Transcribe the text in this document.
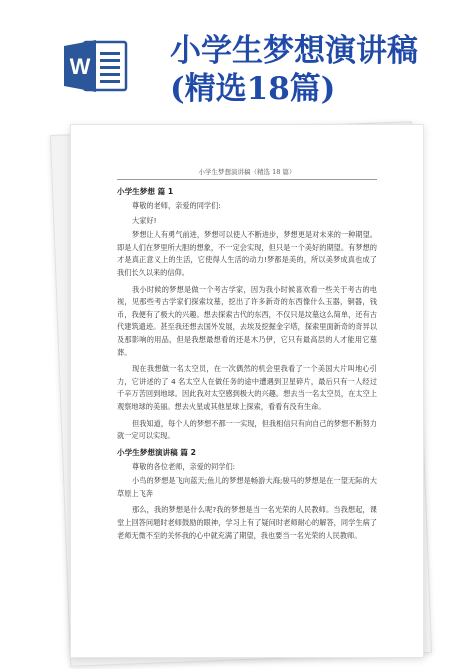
W	小学生梦想演讲稿
(精选18篇)
小学生梦想演讲稿（精选 18 篇）
小学生梦想 篇 1
尊敬的老师，亲爱的同学们:
大家好!
梦想让人有勇气前进，梦想可以使人不断进步，梦想更是对未来的一种期望。即是人们在梦里所大胆的想象，不一定会实现，但只是一个美好的期望。有梦想的才是真正意义上的生活，它使得人生活的动力!梦都是美的，所以美梦成真也成了我们长久以来的信仰。
我小时候的梦想是做一个考古学家，因为我小时候喜欢看一些关于考古的电视，见那些考古学家们探索坟墓，挖出了许多新奇的东西像什么玉器，铜器，钱币，我便有了极大的兴趣。想去探索古代的东西，不仅只是坟墓这么简单，还有古代建筑遗迹。甚至我还想去国外发展，去埃及挖掘金字塔，探索里面新奇的奇异以及那影响的用品，但是我想最想看的还是木乃伊，它只有最高层的人才能用它墓葬。
现在我想做一名太空员，在一次偶然的机会里我看了一个美国大片叫地心引力，它讲述的了 4 名太空人在做任务的途中遭遇到卫星碎片，最后只有一人经过千辛万苦回到地球。因此我对太空感到极大的兴趣。想去当一名太空员，在太空上观察地球的美丽。想去火星或其他星球上探索，看看有没有生命。
但我知道，每个人的梦想不都一一实现，但我相信只有向自己的梦想不断努力就一定可以实现。
小学生梦想演讲稿 篇 2
尊敬的各位老师，亲爱的同学们:
小鸟的梦想是飞向蓝天;鱼儿的梦想是畅游大海;骏马的梦想是在一望无际的大草原上飞奔
那么，我的梦想是什么呢?我的梦想是当一名光荣的人民教师。当我想起，课堂上回答问题时老师鼓励的眼神，学习上有了疑问时老师耐心的解答，同学生病了老师无微不至的关怀我的心中就充满了期望，我也要当一名光荣的人民教师。
